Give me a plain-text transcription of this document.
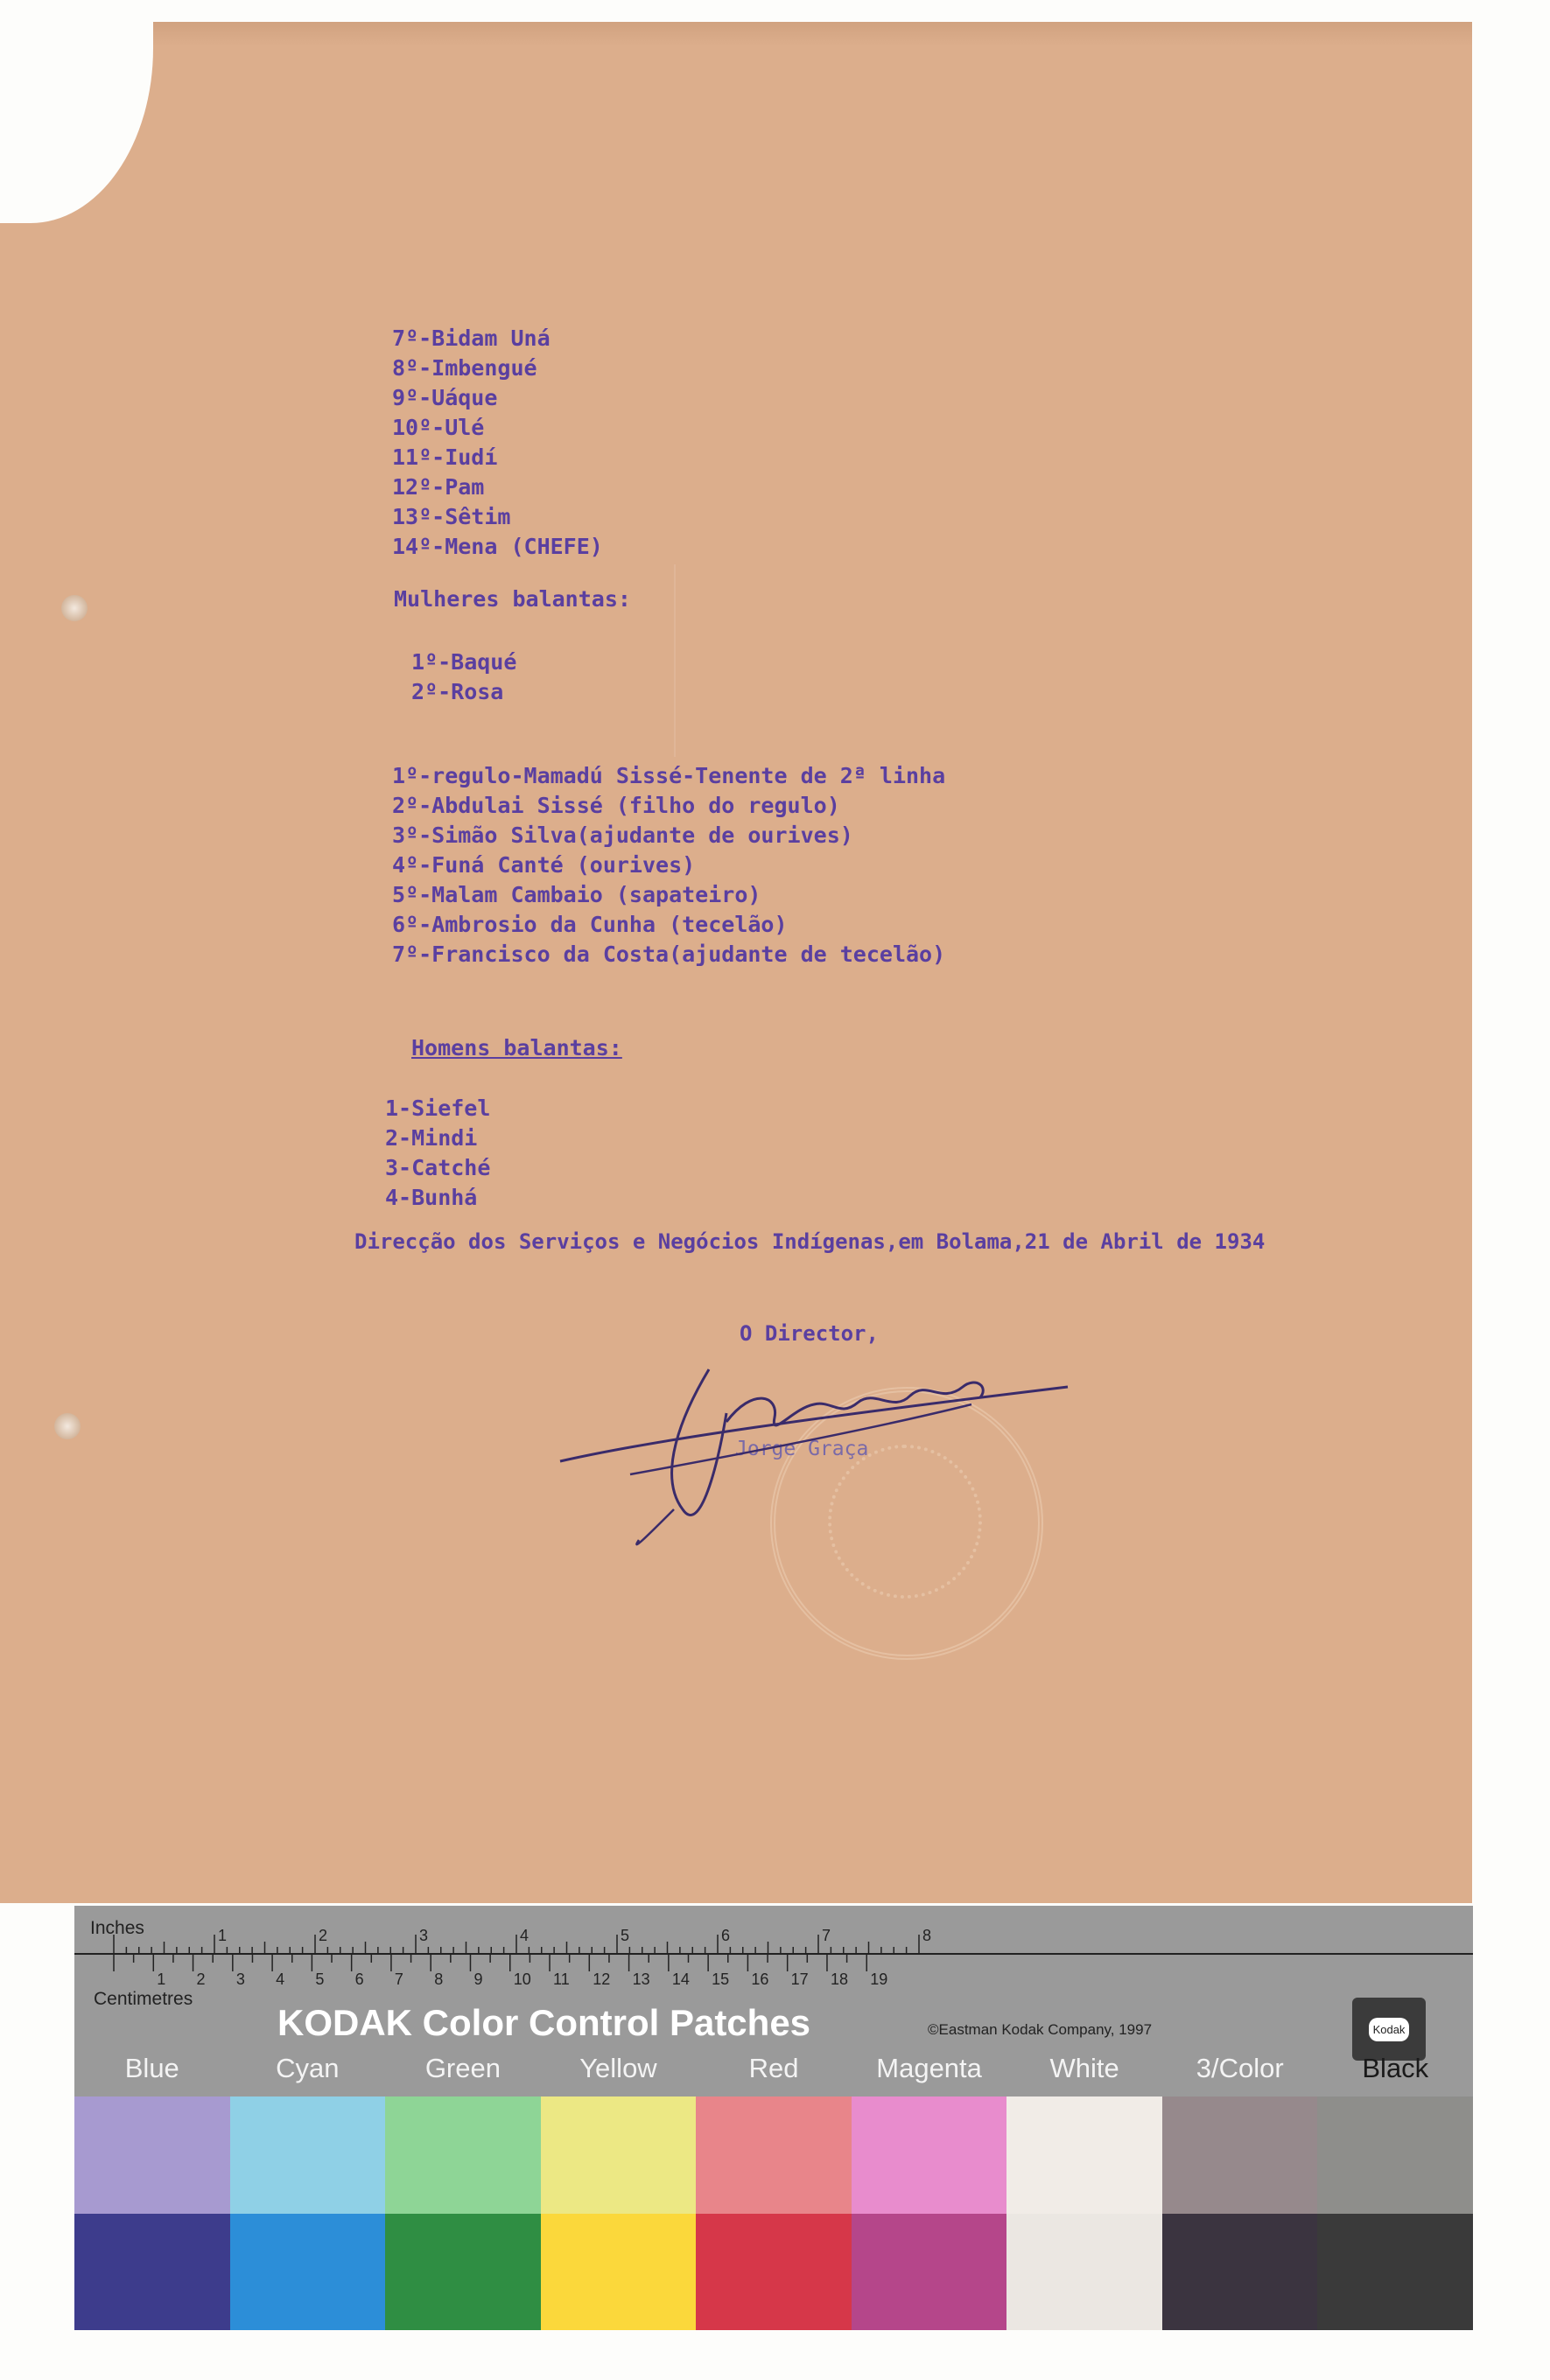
7º-Bidam Uná
8º-Imbengué
9º-Uáque
10º-Ulé
11º-Iudí
12º-Pam
13º-Sêtim
14º-Mena (CHEFE)

Mulheres balantas:

1º-Baqué
2º-Rosa
1º-regulo-Mamadú Sissé-Tenente de 2ª linha
2º-Abdulai Sissé (filho do regulo)
3º-Simão Silva(ajudante de ourives)
4º-Funá Canté (ourives)
5º-Malam Cambaio (sapateiro)
6º-Ambrosio da Cunha (tecelão)
7º-Francisco da Costa(ajudante de tecelão)

Homens balantas:

1-Siefel
2-Mindi
3-Catché
4-Bunhá

Direcção dos Serviços e Negócios Indígenas,em Bolama,21 de Abril de 1934

O Director,

Jorge Graça

1	2	3	4	5	6	7	8
1 2 3 4 5 6 7 8 9 10 11 12 13 14 15 16 17 18 19
Inches
Centimetres
KODAK Color Control Patches	©Eastman Kodak Company, 1997	Kodak
Blue	Cyan	Green	Yellow	Red	Magenta	White	3/Color	Black
